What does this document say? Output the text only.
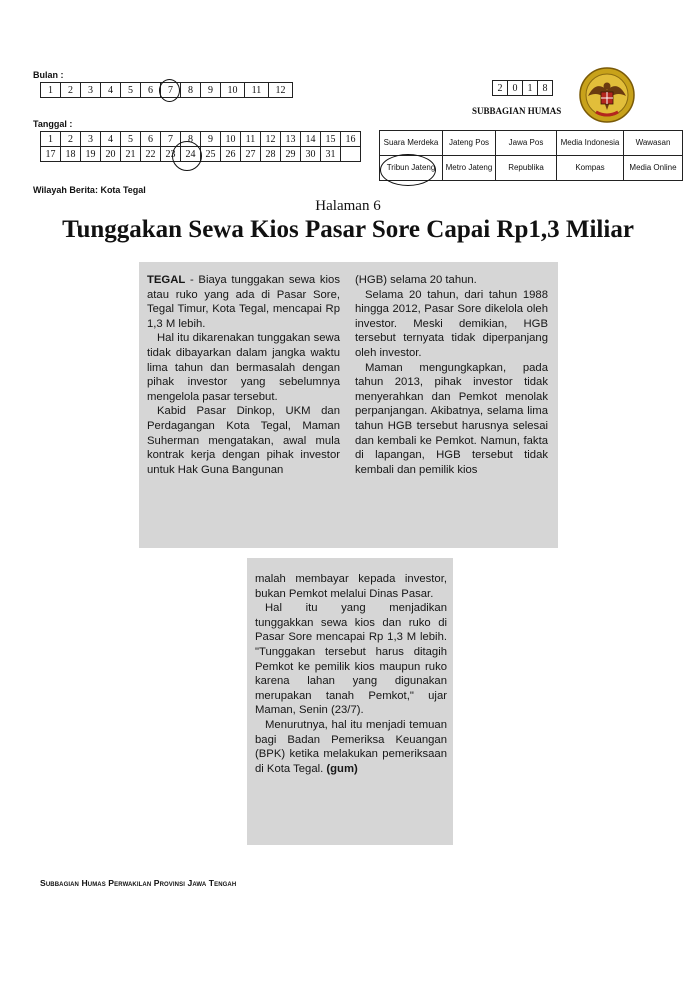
Bulan :
1	2	3	4	5	6	7	8	9	10	11	12
Tanggal :
1	2	3	4	5	6	7	8	9	10	11	12	13	14	15	16
17	18	19	20	21	22	23	24	25	26	27	28	29	30	31	
Wilayah Berita: Kota Tegal
2	0	1	8
SUBBAGIAN HUMAS
Suara Merdeka	Jateng Pos	Jawa Pos	Media Indonesia	Wawasan
Tribun Jateng	Metro Jateng	Republika	Kompas	Media Online
Halaman 6
Tunggakan Sewa Kios Pasar Sore Capai Rp1,3 Miliar

TEGAL - Biaya tunggakan sewa kios atau ruko yang ada di Pasar Sore, Tegal Timur, Kota Tegal, mencapai Rp 1,3 M lebih.

Hal itu dikarenakan tunggakan sewa tidak dibayarkan dalam jangka waktu lima tahun dan bermasalah dengan pihak investor yang sebelumnya mengelola pasar tersebut.

Kabid Pasar Dinkop, UKM dan Perdagangan Kota Tegal, Maman Suherman mengatakan, awal mula kontrak kerja dengan pihak investor untuk Hak Guna Bangunan

(HGB) selama 20 tahun.

Selama 20 tahun, dari tahun 1988 hingga 2012, Pasar Sore dikelola oleh investor. Meski demikian, HGB tersebut ternyata tidak diperpanjang oleh investor.

Maman mengungkapkan, pada tahun 2013, pihak investor tidak menyerahkan dan Pemkot menolak perpanjangan. Akibatnya, selama lima tahun HGB tersebut harusnya selesai dan kembali ke Pemkot. Namun, fakta di lapangan, HGB tersebut tidak kembali dan pemilik kios

malah membayar kepada investor, bukan Pemkot melalui Dinas Pasar.

Hal itu yang menjadikan tunggakkan sewa kios dan ruko di Pasar Sore mencapai Rp 1,3 M lebih. "Tunggakan tersebut harus ditagih Pemkot ke pemilik kios maupun ruko karena lahan yang digunakan merupakan tanah Pemkot," ujar Maman, Senin (23/7).

Menurutnya, hal itu menjadi temuan bagi Badan Pemeriksa Keuangan (BPK) ketika melakukan pemeriksaan di Kota Tegal. (gum)

Subbagian Humas Perwakilan Provinsi Jawa Tengah
